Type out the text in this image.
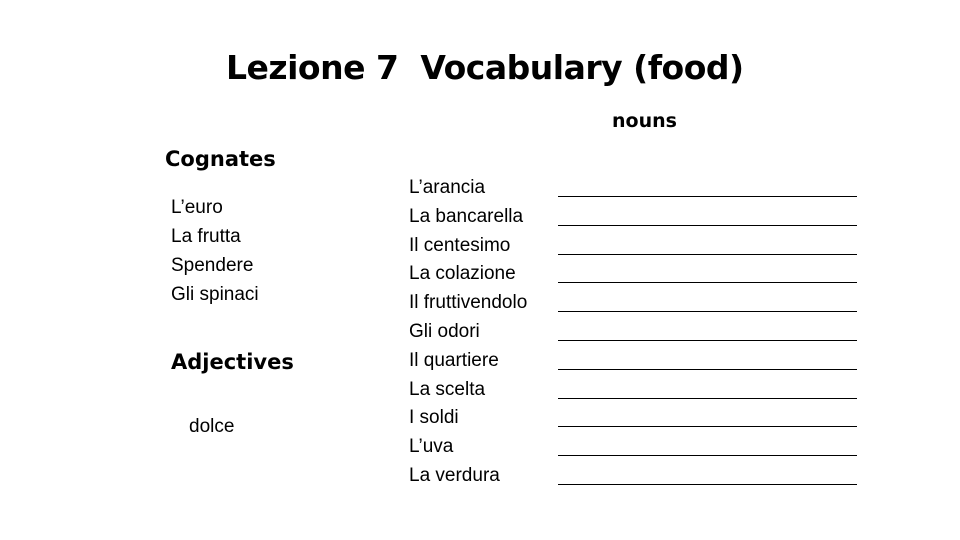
Lezione 7  Vocabulary (food)
nouns
Cognates
L’euro
La frutta
Spendere
Gli spinaci
Adjectives
dolce
L’arancia
La bancarella
Il centesimo
La colazione
Il fruttivendolo
Gli odori
Il quartiere
La scelta
I soldi
L’uva
La verdura
